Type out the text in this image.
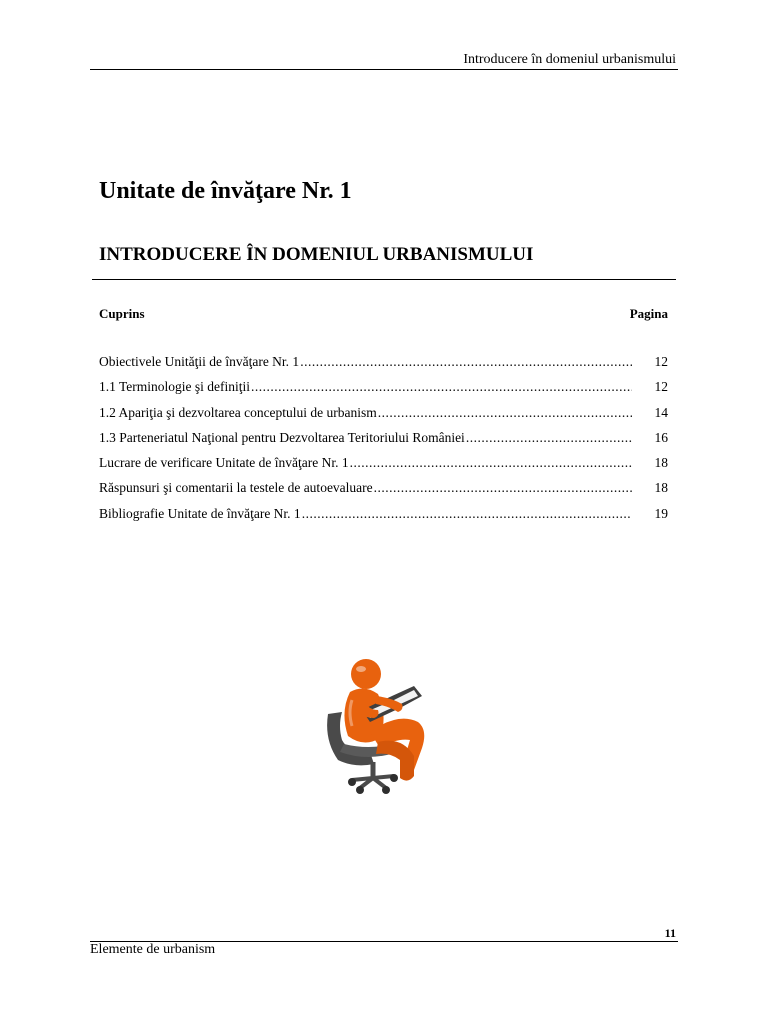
Introducere în domeniul urbanismului
Unitate de învăţare Nr. 1
INTRODUCERE ÎN DOMENIUL URBANISMULUI
Cuprins	Pagina
Obiectivele Unităţii de învăţare Nr. 1 .....	12
1.1 Terminologie şi definiţii .....	12
1.2 Apariţia şi dezvoltarea conceptului de urbanism .....	14
1.3 Parteneriatul Naţional pentru Dezvoltarea Teritoriului României .....	16
Lucrare de verificare Unitate de învăţare Nr. 1 .....	18
Răspunsuri şi comentarii la testele de autoevaluare .....	18
Bibliografie Unitate de învăţare Nr. 1 .....	19
11
Elemente de urbanism
